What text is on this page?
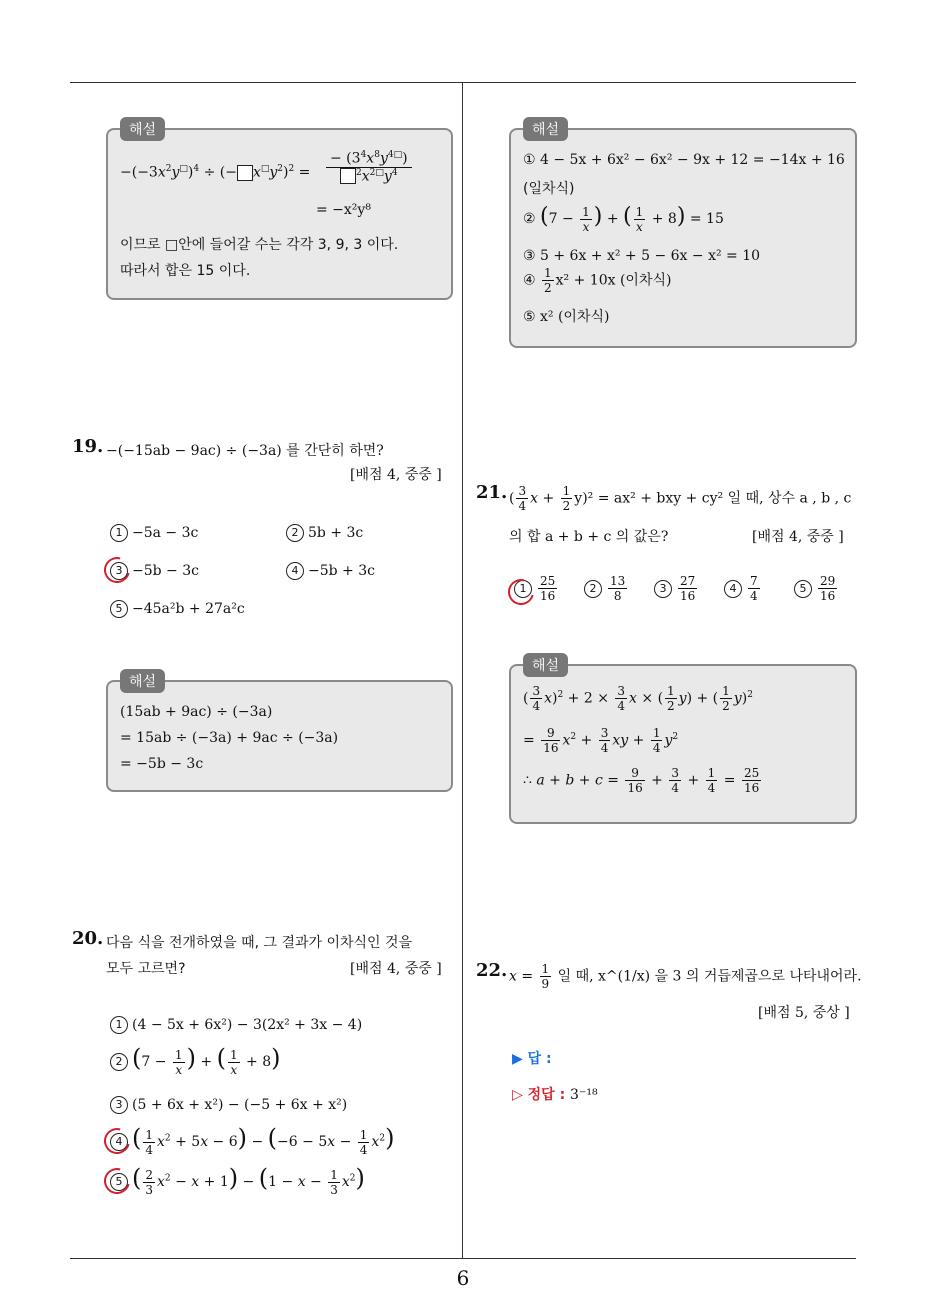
6
해설
$-(-3x^2y^□)^4$ ÷ (− $x^□y^2)^2$ =
− $(3^4x^8y^{4□})$
$^2x^{2□}y^4$
= −x²y⁸
이므로 □안에 들어갈 수는 각각 3, 9, 3 이다.
따라서 합은 15 이다.
해설
① 4 − 5x + 6x² − 6x² − 9x + 12 = −14x + 16
(일차식)
② ($7 - \frac{1}{x}$ ) + ( $\frac{1}{x} + 8) = 15$
③ 5 + 6x + x² + 5 − 6x − x² = 10
④ $\frac{1}{2} x^2 + 10x$ (이차식)
⑤ x² (이차식)
19. −(−15ab − 9ac) ÷ (−3a) 를 간단히 하면?
[배점 4, 중중 ]
1 −5a − 3c	2 5b + 3c
3 −5b − 3c	4 −5b + 3c
5 −45a²b + 27a²c
해설
(15ab + 9ac) ÷ (−3a)
= 15ab ÷ (−3a) + 9ac ÷ (−3a)
= −5b − 3c
20. 다음 식을 전개하였을 때, 그 결과가 이차식인 것을
모두 고르면?	[배점 4, 중중 ]
1 (4 − 5x + 6x²) − 3(2x² + 3x − 4)
2 ($7 - \frac{1}{x}$ ) + ( $\frac{1}{x} + 8$)
3 (5 + 6x + x²) − (−5 + 6x + x²)
4 ( $\frac{1}{4} x^2 + 5x - 6) - (-6 - 5x - \frac{1}{4} x^2)$
5 ( $\frac{2}{3} x^2 - x + 1) - (1 - x - \frac{1}{3} x^2)$
21. ( $\frac{3}{4}$ $x + \frac{1}{2} y)^2 = ax^2$ + bxy + cy² 일 때, 상수 a , b , c
의 합 a + b + c 의 값은?	[배점 4, 중중 ]
$1 \frac{25}{16}$	$2 \frac{13}{8}$	$3 \frac{27}{16}$	$4 \frac{7}{4}$	$5 \frac{29}{16}$
해설
( $\frac{3}{4} x)^2 + 2 \times \frac{3}{4}$ x × ( $\frac{1}{2} y$) + ( $\frac{1}{2} y)^2$
= $\frac{9}{16} x^2 + \frac{3}{4}$ xy + $\frac{1}{4} y^2$
∴ $a + b + c = \frac{9}{16} + \frac{3}{4} + \frac{1}{4} = \frac{25}{16}$
22. $x = \frac{1}{9}$ 일 때, x^(1/x) 을 3 의 거듭제곱으로 나타내어라.
[배점 5, 중상 ]
▶ 답 :
▷ 정답 : 3⁻¹⁸
